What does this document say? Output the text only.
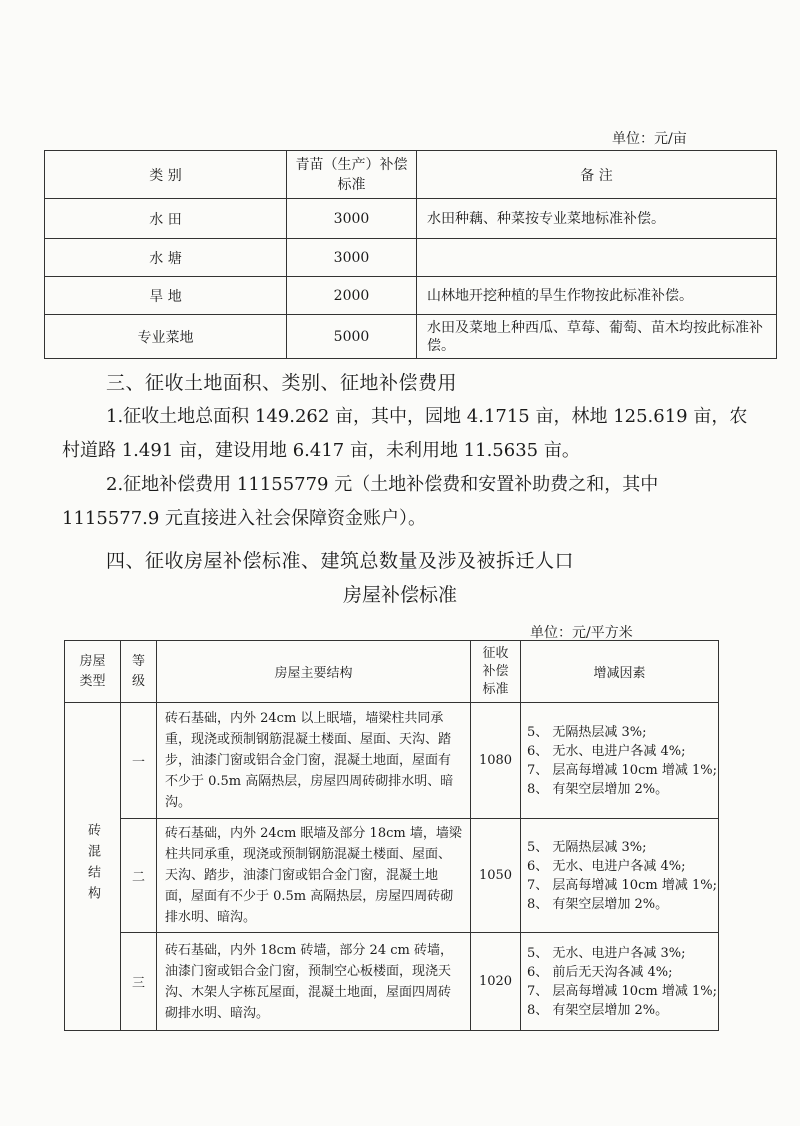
单位：元/亩
类 别	青苗（生产）补偿标准	备 注
水 田	3000	水田种藕、种菜按专业菜地标准补偿。
水 塘	3000	
旱 地	2000	山林地开挖种植的旱生作物按此标准补偿。
专业菜地	5000	水田及菜地上种西瓜、草莓、葡萄、苗木均按此标准补偿。
三、征收土地面积、类别、征地补偿费用
1.征收土地总面积 149.262 亩，其中，园地 4.1715 亩，林地 125.619 亩，农村道路 1.491 亩，建设用地 6.417 亩，未利用地 11.5635 亩。
2.征地补偿费用 11155779 元（土地补偿费和安置补助费之和，其中 1115577.9 元直接进入社会保障资金账户）。
四、征收房屋补偿标准、建筑总数量及涉及被拆迁人口
房屋补偿标准
单位：元/平方米
房屋类型	等级	房屋主要结构	征收补偿标准	增减因素
砖混结构	一	砖石基础，内外 24cm 以上眠墙，墙梁柱共同承重，现浇或预制钢筋混凝土楼面、屋面、天沟、踏步，油漆门窗或铝合金门窗，混凝土地面，屋面有不少于 0.5m 高隔热层，房屋四周砖砌排水明、暗沟。	1080	5、 无隔热层减 3%;
6、 无水、电进户各减 4%;
7、 层高每增减 10cm 增减 1%;
8、 有架空层增加 2%。

	二	砖石基础，内外 24cm 眠墙及部分 18cm 墙，墙梁柱共同承重，现浇或预制钢筋混凝土楼面、屋面、天沟、踏步，油漆门窗或铝合金门窗，混凝土地面，屋面有不少于 0.5m 高隔热层，房屋四周砖砌排水明、暗沟。	1050	5、 无隔热层减 3%;
6、 无水、电进户各减 4%;
7、 层高每增减 10cm 增减 1%;
8、 有架空层增加 2%。

	三	砖石基础，内外 18cm 砖墙，部分 24 cm 砖墙，油漆门窗或铝合金门窗，预制空心板楼面，现浇天沟、木架人字栋瓦屋面，混凝土地面，屋面四周砖砌排水明、暗沟。	1020	5、 无水、电进户各减 3%;
6、 前后无天沟各减 4%;
7、 层高每增减 10cm 增减 1%;
8、 有架空层增加 2%。
